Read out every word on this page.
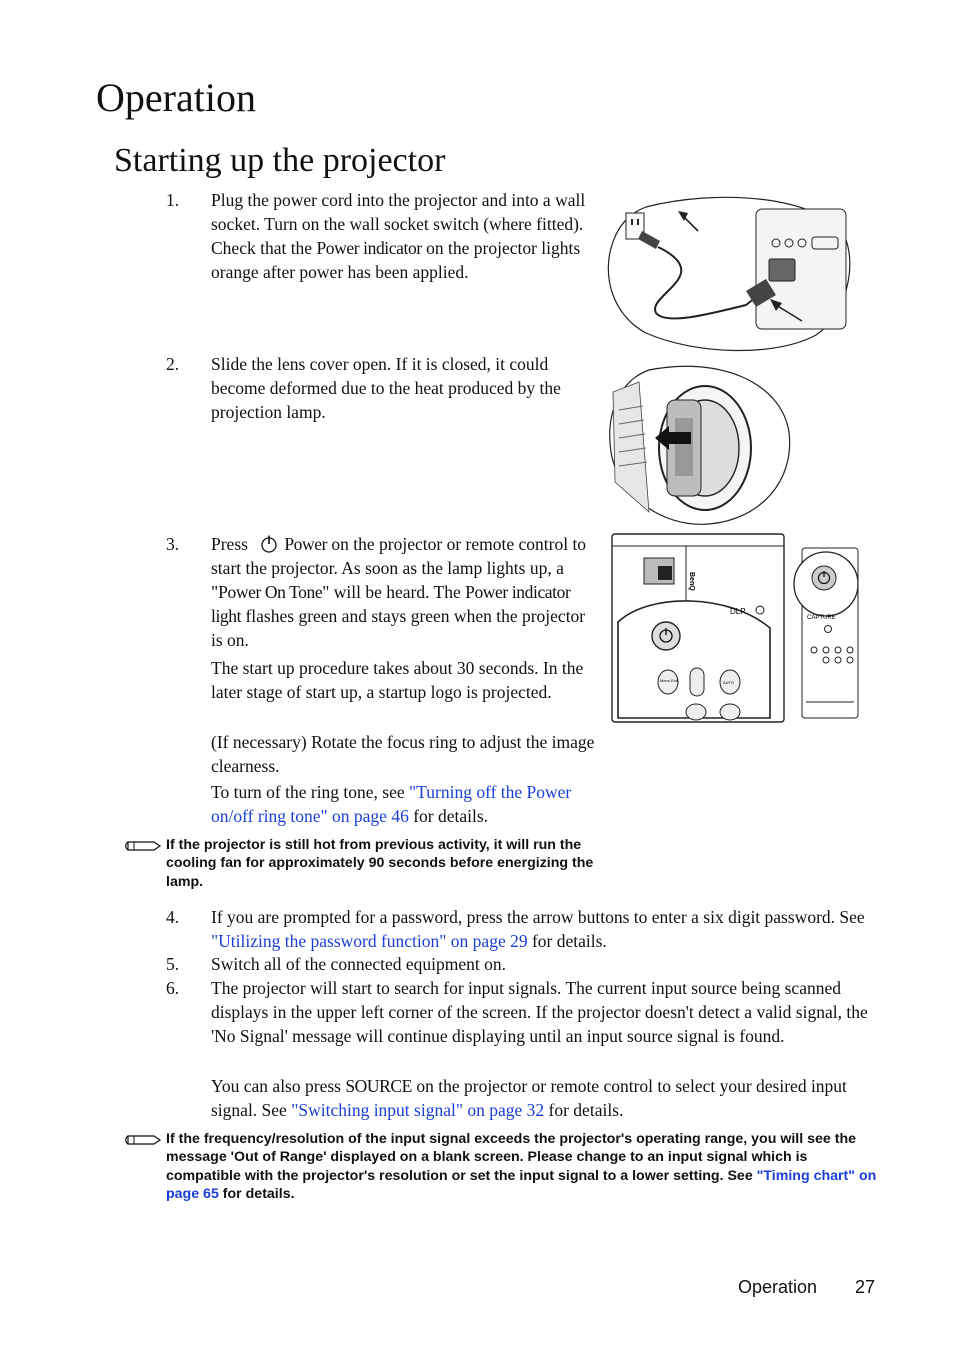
Operation
Starting up the projector
1. Plug the power cord into the projector and into a wall socket. Turn on the wall socket switch (where fitted). Check that the Power indicator on the projector lights orange after power has been applied.
2. Slide the lens cover open. If it is closed, it could become deformed due to the heat produced by the projection lamp.
3. Press Power on the projector or remote control to start the projector. As soon as the lamp lights up, a "Power On Tone" will be heard. The Power indicator light flashes green and stays green when the projector is on.
The start up procedure takes about 30 seconds. In the later stage of start up, a startup logo is projected.
(If necessary) Rotate the focus ring to adjust the image clearness.
To turn of the ring tone, see "Turning off the Power on/off ring tone" on page 46 for details.
BenQ
DLP
Menu Exit	AUTO
CAPTURE
If the projector is still hot from previous activity, it will run the cooling fan for approximately 90 seconds before energizing the lamp.
4. If you are prompted for a password, press the arrow buttons to enter a six digit password. See "Utilizing the password function" on page 29 for details.
5. Switch all of the connected equipment on.
6. The projector will start to search for input signals. The current input source being scanned displays in the upper left corner of the screen. If the projector doesn't detect a valid signal, the 'No Signal' message will continue displaying until an input source signal is found.
You can also press SOURCE on the projector or remote control to select your desired input signal. See "Switching input signal" on page 32 for details.
If the frequency/resolution of the input signal exceeds the projector's operating range, you will see the message 'Out of Range' displayed on a blank screen. Please change to an input signal which is compatible with the projector's resolution or set the input signal to a lower setting. See "Timing chart" on page 65 for details.
Operation 27
